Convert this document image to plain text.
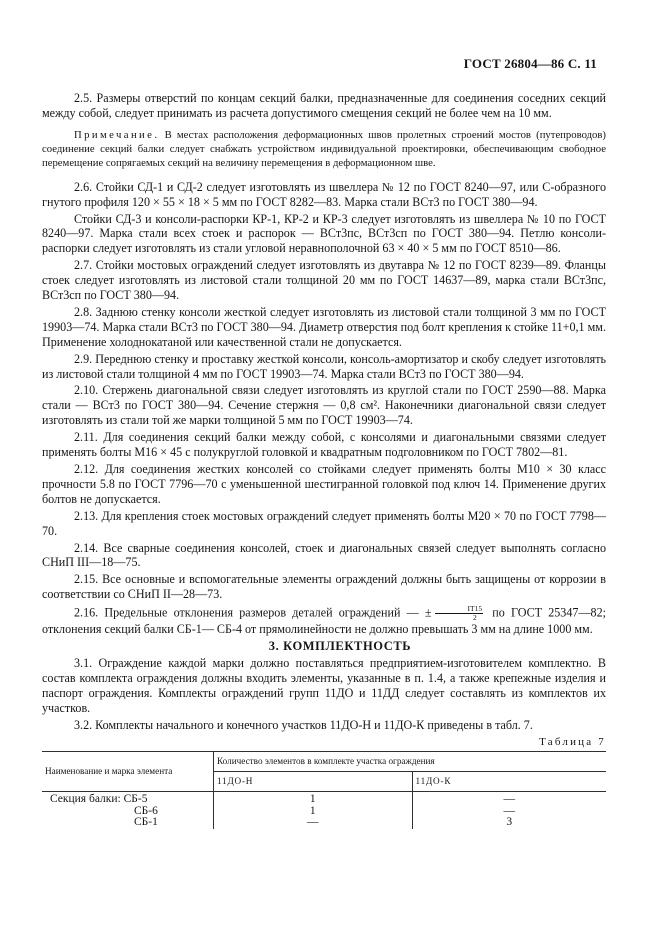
ГОСТ 26804—86 С. 11

2.5. Размеры отверстий по концам секций балки, предназначенные для соединения соседних секций между собой, следует принимать из расчета допустимого смещения секций не более чем на 10 мм.

Примечание. В местах расположения деформационных швов пролетных строений мостов (путепроводов) соединение секций балки следует снабжать устройством индивидуальной проектировки, обеспечивающим свободное перемещение сопрягаемых секций на величину перемещения в деформационном шве.

2.6. Стойки СД-1 и СД-2 следует изготовлять из швеллера № 12 по ГОСТ 8240—97, или С-образного гнутого профиля 120 × 55 × 18 × 5 мм по ГОСТ 8282—83. Марка стали ВСт3 по ГОСТ 380—94.

Стойки СД-3 и консоли-распорки КР-1, КР-2 и КР-3 следует изготовлять из швеллера № 10 по ГОСТ 8240—97. Марка стали всех стоек и распорок — ВСт3пс, ВСт3сп по ГОСТ 380—94. Петлю консоли-распорки следует изготовлять из стали угловой неравнополочной 63 × 40 × 5 мм по ГОСТ 8510—86.

2.7. Стойки мостовых ограждений следует изготовлять из двутавра № 12 по ГОСТ 8239—89. Фланцы стоек следует изготовлять из листовой стали толщиной 20 мм по ГОСТ 14637—89, марка стали ВСт3пс, ВСт3сп по ГОСТ 380—94.

2.8. Заднюю стенку консоли жесткой следует изготовлять из листовой стали толщиной 3 мм по ГОСТ 19903—74. Марка стали ВСт3 по ГОСТ 380—94. Диаметр отверстия под болт крепления к стойке 11+0,1 мм. Применение холоднокатаной или качественной стали не допускается.

2.9. Переднюю стенку и проставку жесткой консоли, консоль-амортизатор и скобу следует изготовлять из листовой стали толщиной 4 мм по ГОСТ 19903—74. Марка стали ВСт3 по ГОСТ 380—94.

2.10. Стержень диагональной связи следует изготовлять из круглой стали по ГОСТ 2590—88. Марка стали — ВСт3 по ГОСТ 380—94. Сечение стержня — 0,8 см². Наконечники диагональной связи следует изготовлять из стали той же марки толщиной 5 мм по ГОСТ 19903—74.

2.11. Для соединения секций балки между собой, с консолями и диагональными связями следует применять болты М16 × 45 с полукруглой головкой и квадратным подголовником по ГОСТ 7802—81.

2.12. Для соединения жестких консолей со стойками следует применять болты М10 × 30 класс прочности 5.8 по ГОСТ 7796—70 с уменьшенной шестигранной головкой под ключ 14. Применение других болтов не допускается.

2.13. Для крепления стоек мостовых ограждений следует применять болты М20 × 70 по ГОСТ 7798—70.

2.14. Все сварные соединения консолей, стоек и диагональных связей следует выполнять согласно СНиП III—18—75.

2.15. Все основные и вспомогательные элементы ограждений должны быть защищены от коррозии в соответствии со СНиП II—28—73.

2.16. Предельные отклонения размеров деталей ограждений — ± $\frac{IT15}{2}$ по ГОСТ 25347—82; отклонения секций балки СБ-1— СБ-4 от прямолинейности не должно превышать 3 мм на длине 1000 мм.

3. КОМПЛЕКТНОСТЬ

3.1. Ограждение каждой марки должно поставляться предприятием-изготовителем комплектно. В состав комплекта ограждения должны входить элементы, указанные в п. 1.4, а также крепежные изделия и паспорт ограждения. Комплекты ограждений групп 11ДО и 11ДД следует составлять из комплектов их участков.

3.2. Комплекты начального и конечного участков 11ДО-Н и 11ДО-К приведены в табл. 7.

Таблица 7

Наименование и марка элемента	Количество элементов в комплекте участка ограждения	
	11ДО-Н	11ДО-К
Секция балки: СБ-5	1	—
СБ-6	1	—
СБ-1	—	3
